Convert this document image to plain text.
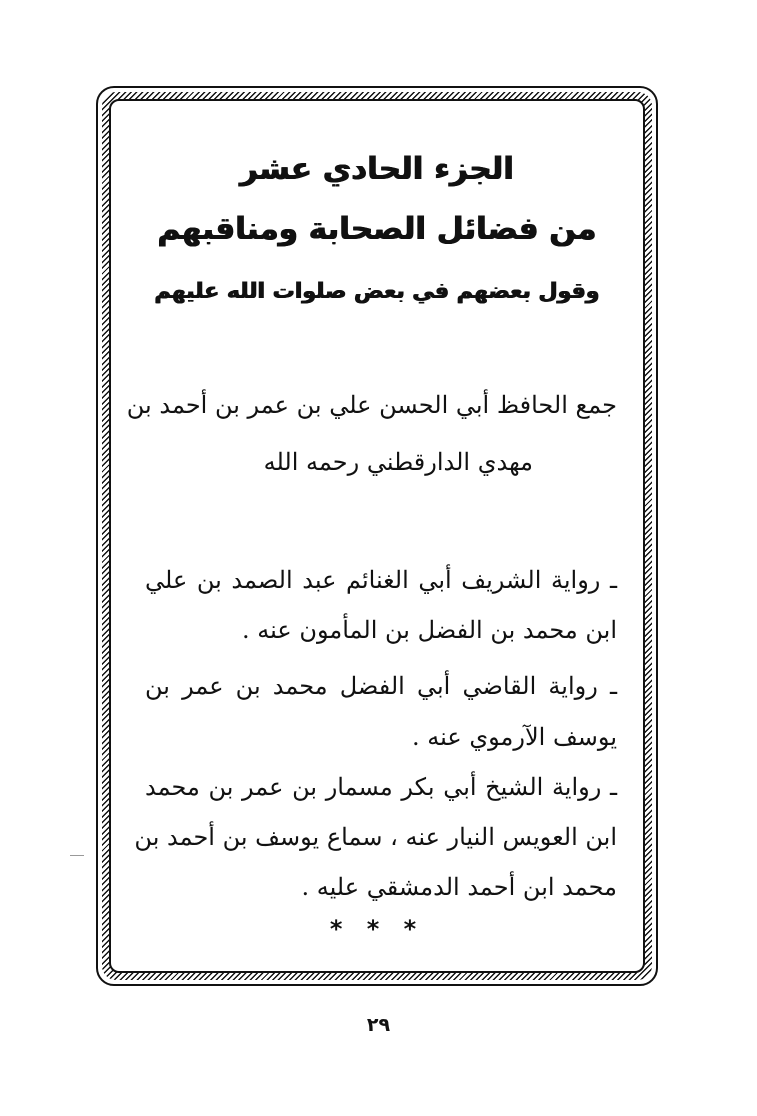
الجزء الحادي عشر
من فضائل الصحابة ومناقبهم
وقول بعضهم في بعض صلوات الله عليهم
جمع الحافظ أبي الحسن علي بن عمر بن أحمد بن
مهدي الدارقطني رحمه الله
ـ رواية الشريف أبي الغنائم عبد الصمد بن علي
ابن محمد بن الفضل بن المأمون عنه .
ـ رواية القاضي أبي الفضل محمد بن عمر بن
يوسف الآرموي عنه .
ـ رواية الشيخ أبي بكر مسمار بن عمر بن محمد
ابن العويس النيار عنه ، سماع يوسف بن أحمد بن
محمد ابن أحمد الدمشقي عليه .
* * *
٢٩
